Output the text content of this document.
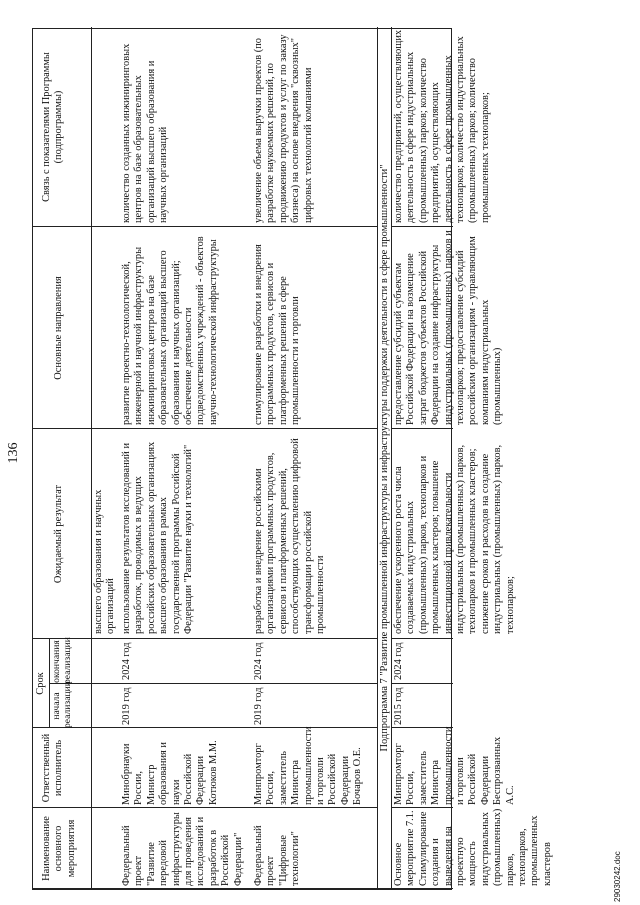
136
Наименование основного мероприятия
Ответственный исполнитель
Срок
начала реализации
окончания реализации
Ожидаемый результат
Основные направления
Связь с показателями Программы (подпрограммы)
высшего образования и научных организаций
Федеральный проект "Развитие передовой инфраструктуры для проведения исследований и разработок в Российской Федерации"
Минобрнауки России, Министр образования и науки Российской Федерации Котюков М.М.
2019 год
2024 год
использование результатов исследований и разработок, проводимых в ведущих российских образовательных организациях высшего образования в рамках государственной программы Российской Федерации "Развитие науки и технологий"
развитие проектно-технологической, инженерной и научной инфраструктуры инжиниринговых центров на базе образовательных организаций высшего образования и научных организаций; обеспечение деятельности подведомственных учреждений - объектов научно-технологической инфраструктуры
количество созданных инжиниринговых центров на базе образовательных организаций высшего образования и научных организаций
Федеральный проект "Цифровые технологии"
Минпромторг России, заместитель Министра промышленности и торговли Российской Федерации Бочаров О.Е.
2019 год
2024 год
разработка и внедрение российскими организациями программных продуктов, сервисов и платформенных решений, способствующих осуществлению цифровой трансформации российской промышленности
стимулирование разработки и внедрения программных продуктов, сервисов и платформенных решений в сфере промышленности и торговли
увеличение объема выручки проектов (по разработке наукоемких решений, по продвижению продуктов и услуг по заказу бизнеса) на основе внедрения "сквозных" цифровых технологий компаниями
Подпрограмма 7 "Развитие промышленной инфраструктуры и инфраструктуры поддержки деятельности в сфере промышленности"
Основное мероприятие 7.1. Стимулирование создания и выведения на проектную мощность индустриальных (промышленных) парков, технопарков, промышленных кластеров
Минпромторг России, заместитель Министра промышленности и торговли Российской Федерации Беспрозванных А.С.
2015 год
2024 год
обеспечение ускоренного роста числа создаваемых индустриальных (промышленных) парков, технопарков и промышленных кластеров; повышение инвестиционной привлекательности индустриальных (промышленных) парков, технопарков и промышленных кластеров; снижение сроков и расходов на создание индустриальных (промышленных) парков, технопарков;
предоставление субсидий субъектам Российской Федерации на возмещение затрат бюджетов субъектов Российской Федерации на создание инфраструктуры индустриальных (промышленных) парков и технопарков; предоставление субсидий российским организациям - управляющим компаниям индустриальных (промышленных)
количество предприятий, осуществляющих деятельность в сфере индустриальных (промышленных) парков; количество предприятий, осуществляющих деятельность в сфере промышленных технопарков; количество индустриальных (промышленных) парков; количество промышленных технопарков;
29030242.doc
